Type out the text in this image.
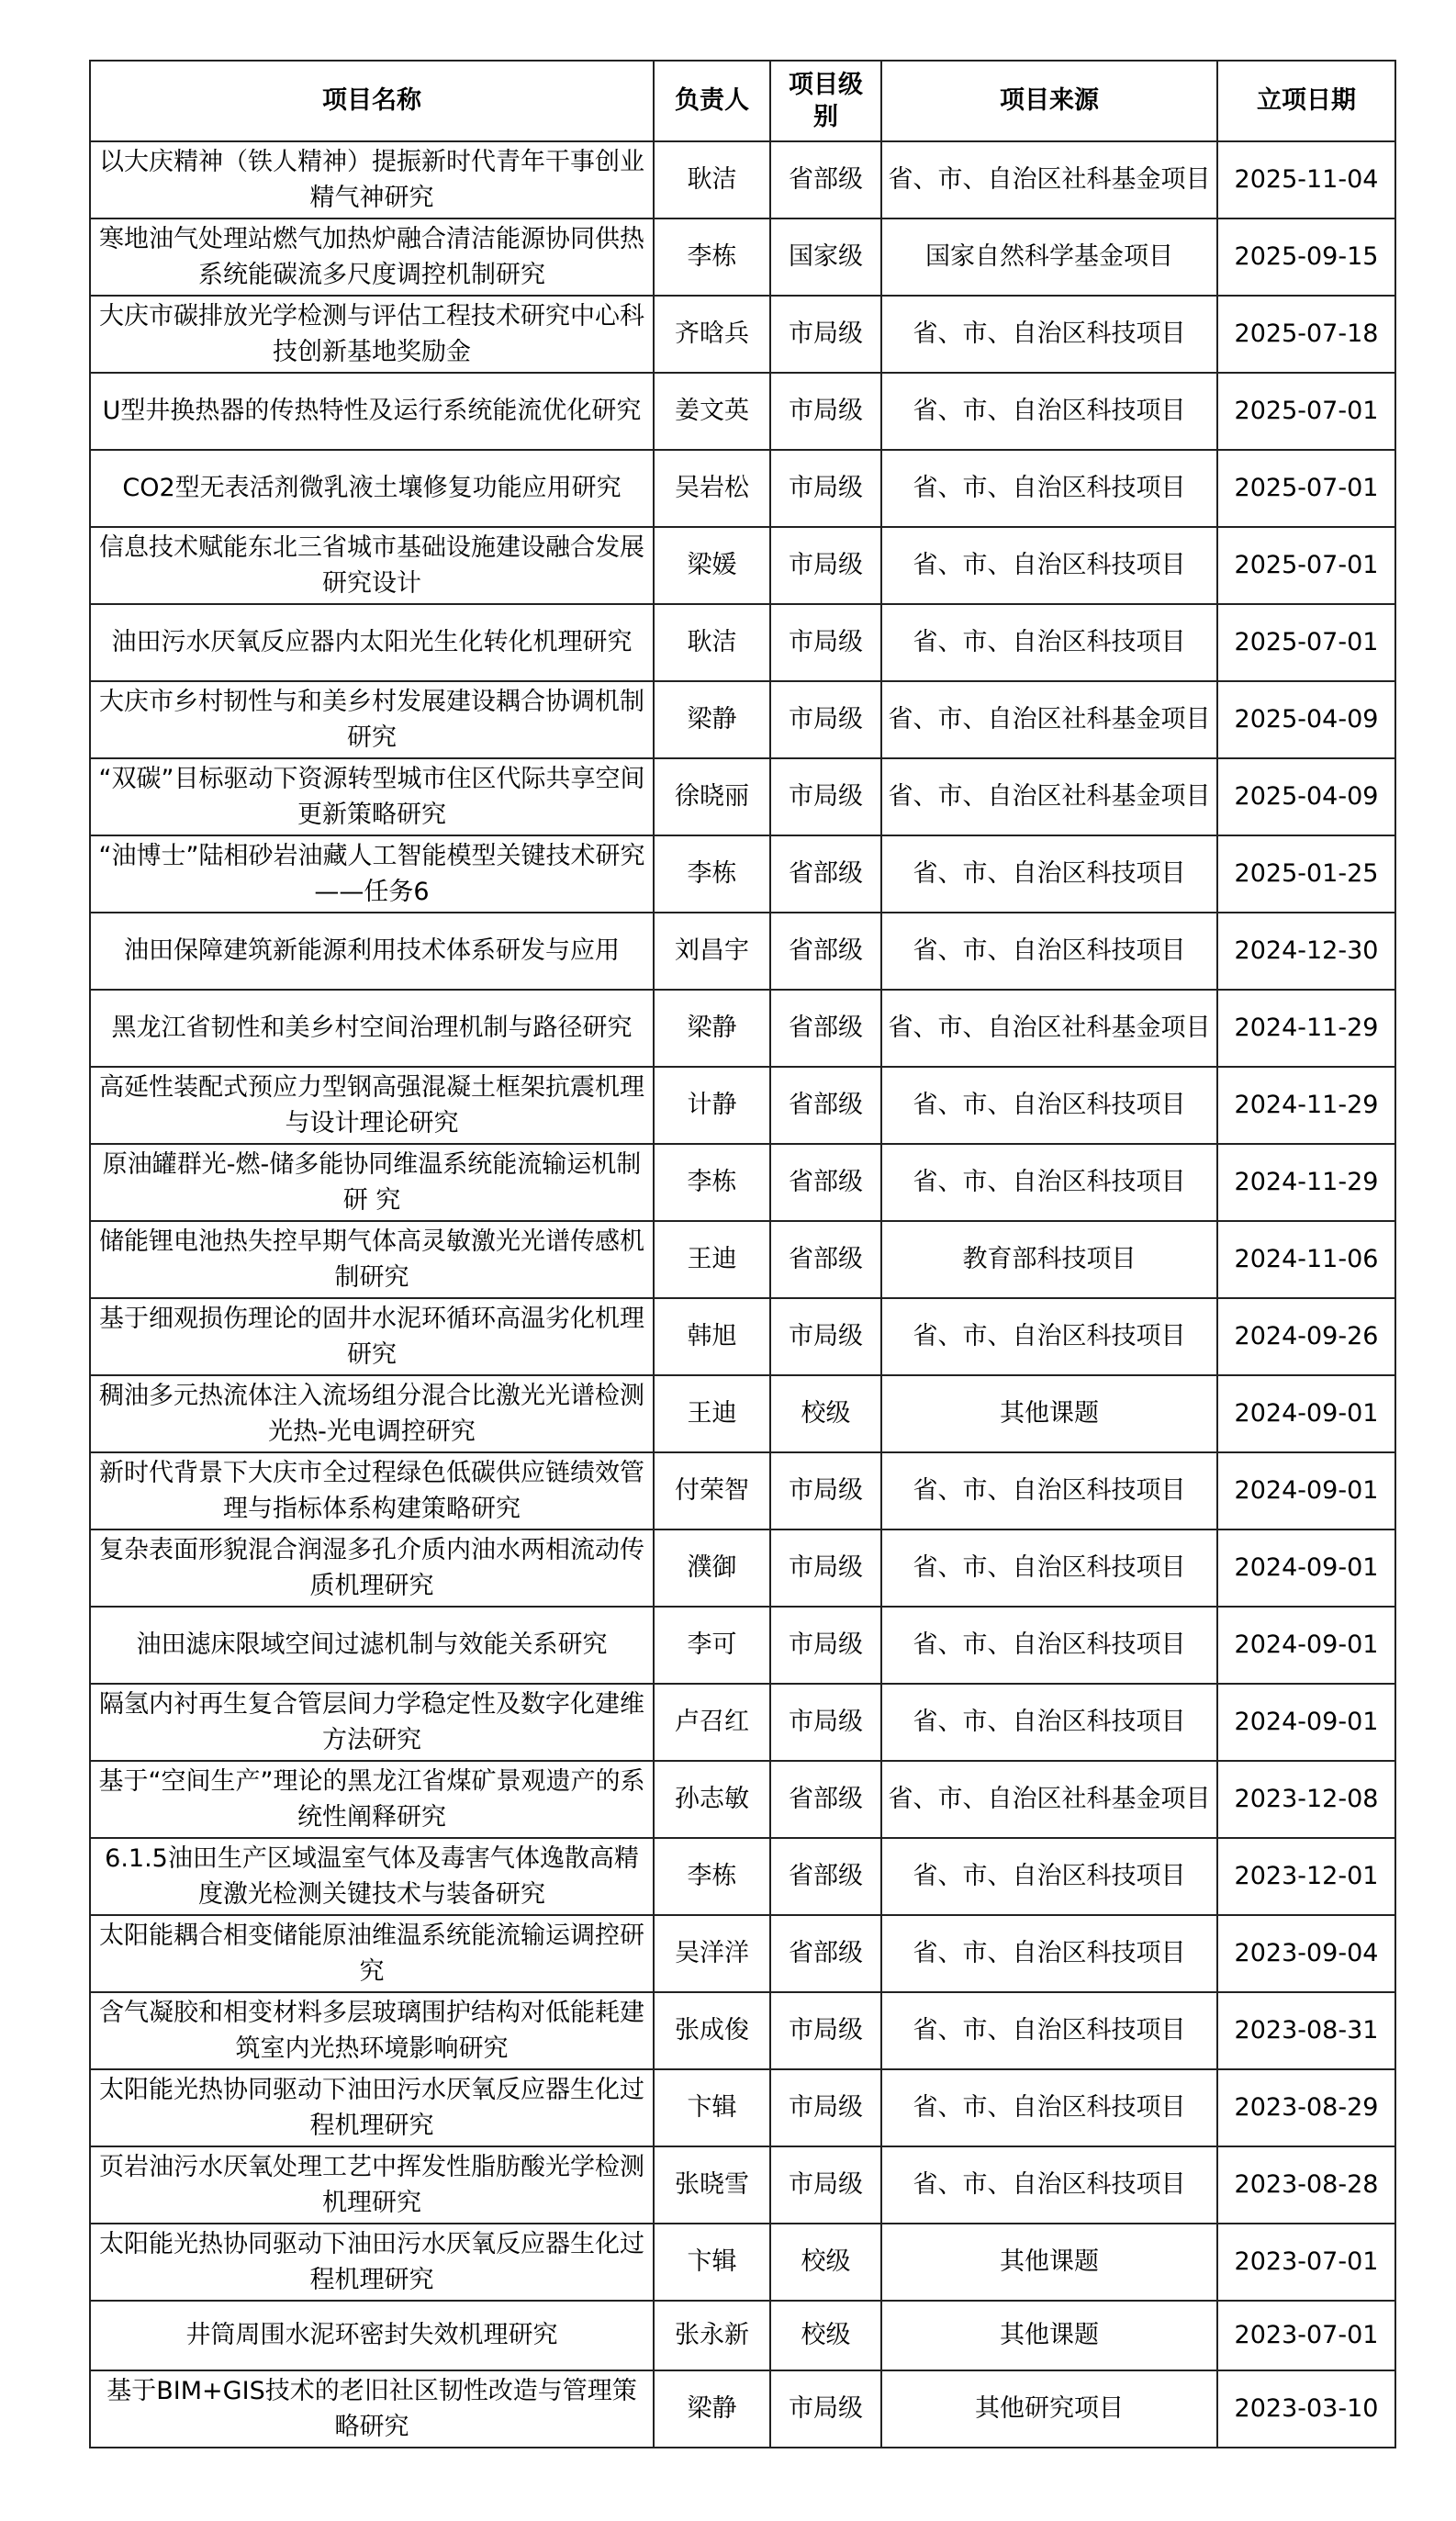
项目名称	负责人	项目级别	项目来源	立项日期
以大庆精神（铁人精神）提振新时代青年干事创业精气神研究	耿洁	省部级	省、市、自治区社科基金项目	2025-11-04
寒地油气处理站燃气加热炉融合清洁能源协同供热系统能碳流多尺度调控机制研究	李栋	国家级	国家自然科学基金项目	2025-09-15
大庆市碳排放光学检测与评估工程技术研究中心科技创新基地奖励金	齐晗兵	市局级	省、市、自治区科技项目	2025-07-18
U型井换热器的传热特性及运行系统能流优化研究	姜文英	市局级	省、市、自治区科技项目	2025-07-01
CO2型无表活剂微乳液土壤修复功能应用研究	吴岩松	市局级	省、市、自治区科技项目	2025-07-01
信息技术赋能东北三省城市基础设施建设融合发展研究设计	梁媛	市局级	省、市、自治区科技项目	2025-07-01
油田污水厌氧反应器内太阳光生化转化机理研究	耿洁	市局级	省、市、自治区科技项目	2025-07-01
大庆市乡村韧性与和美乡村发展建设耦合协调机制研究	梁静	市局级	省、市、自治区社科基金项目	2025-04-09
“双碳”目标驱动下资源转型城市住区代际共享空间更新策略研究	徐晓丽	市局级	省、市、自治区社科基金项目	2025-04-09
“油博士”陆相砂岩油藏人工智能模型关键技术研究——任务6	李栋	省部级	省、市、自治区科技项目	2025-01-25
油田保障建筑新能源利用技术体系研发与应用	刘昌宇	省部级	省、市、自治区科技项目	2024-12-30
黑龙江省韧性和美乡村空间治理机制与路径研究	梁静	省部级	省、市、自治区社科基金项目	2024-11-29
高延性装配式预应力型钢高强混凝土框架抗震机理与设计理论研究	计静	省部级	省、市、自治区科技项目	2024-11-29
原油罐群光-燃-储多能协同维温系统能流输运机制研 究	李栋	省部级	省、市、自治区科技项目	2024-11-29
储能锂电池热失控早期气体高灵敏激光光谱传感机制研究	王迪	省部级	教育部科技项目	2024-11-06
基于细观损伤理论的固井水泥环循环高温劣化机理研究	韩旭	市局级	省、市、自治区科技项目	2024-09-26
稠油多元热流体注入流场组分混合比激光光谱检测光热-光电调控研究	王迪	校级	其他课题	2024-09-01
新时代背景下大庆市全过程绿色低碳供应链绩效管理与指标体系构建策略研究	付荣智	市局级	省、市、自治区科技项目	2024-09-01
复杂表面形貌混合润湿多孔介质内油水两相流动传质机理研究	濮御	市局级	省、市、自治区科技项目	2024-09-01
油田滤床限域空间过滤机制与效能关系研究	李可	市局级	省、市、自治区科技项目	2024-09-01
隔氢内衬再生复合管层间力学稳定性及数字化建维方法研究	卢召红	市局级	省、市、自治区科技项目	2024-09-01
基于“空间生产”理论的黑龙江省煤矿景观遗产的系统性阐释研究	孙志敏	省部级	省、市、自治区社科基金项目	2023-12-08
6.1.5油田生产区域温室气体及毒害气体逸散高精度激光检测关键技术与装备研究	李栋	省部级	省、市、自治区科技项目	2023-12-01
太阳能耦合相变储能原油维温系统能流输运调控研究	吴洋洋	省部级	省、市、自治区科技项目	2023-09-04
含气凝胶和相变材料多层玻璃围护结构对低能耗建筑室内光热环境影响研究	张成俊	市局级	省、市、自治区科技项目	2023-08-31
太阳能光热协同驱动下油田污水厌氧反应器生化过程机理研究	卞辑	市局级	省、市、自治区科技项目	2023-08-29
页岩油污水厌氧处理工艺中挥发性脂肪酸光学检测机理研究	张晓雪	市局级	省、市、自治区科技项目	2023-08-28
太阳能光热协同驱动下油田污水厌氧反应器生化过程机理研究	卞辑	校级	其他课题	2023-07-01
井筒周围水泥环密封失效机理研究	张永新	校级	其他课题	2023-07-01
基于BIM+GIS技术的老旧社区韧性改造与管理策略研究	梁静	市局级	其他研究项目	2023-03-10
